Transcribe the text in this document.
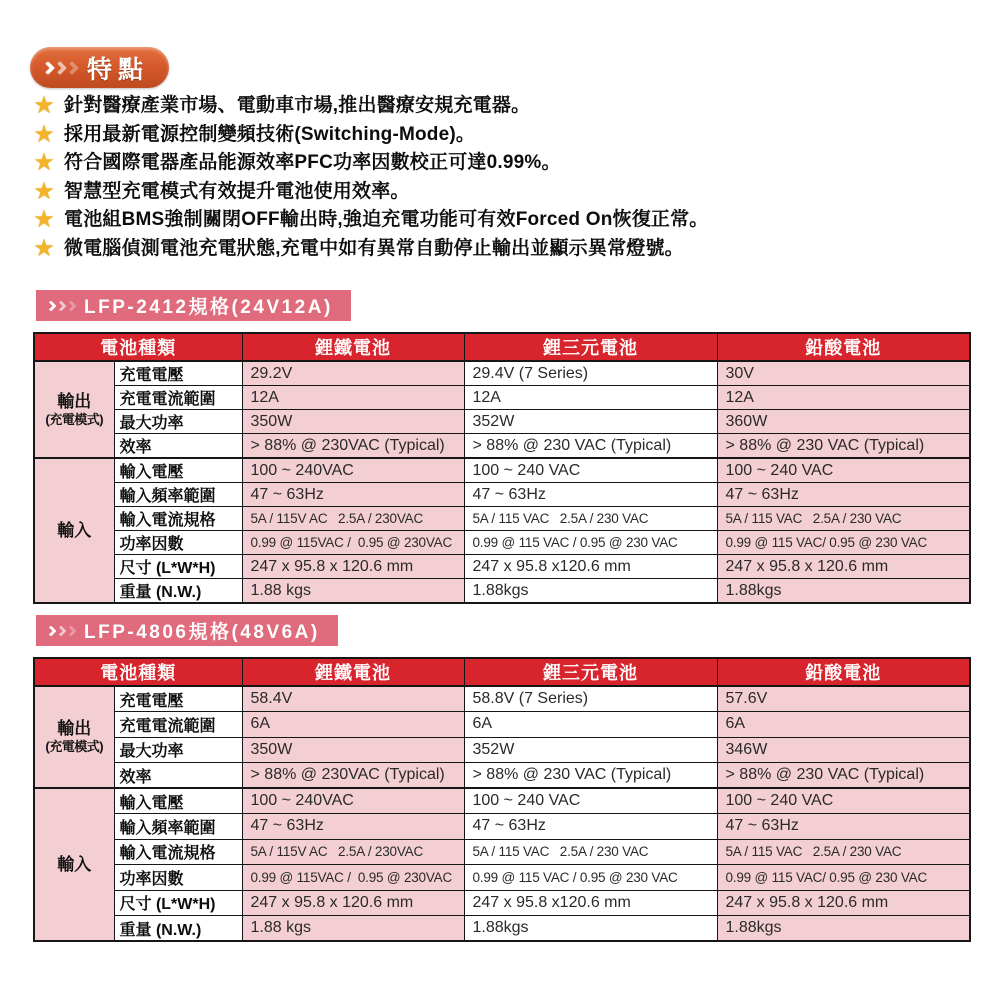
特點
★ 針對醫療產業市場、電動車市場,推出醫療安規充電器。
★ 採用最新電源控制變頻技術(Switching-Mode)。
★ 符合國際電器產品能源效率PFC功率因數校正可達0.99%。
★ 智慧型充電模式有效提升電池使用效率。
★ 電池組BMS強制關閉OFF輸出時,強迫充電功能可有效Forced On恢復正常。
★ 微電腦偵測電池充電狀態,充電中如有異常自動停止輸出並顯示異常燈號。
LFP-2412規格(24V12A)
電池種類		鋰鐵電池	鋰三元電池	鉛酸電池

輸出
(充電模式)	充電電壓	29.2V	29.4V (7 Series)	30V
	充電電流範圍	12A	12A	12A
	最大功率	350W	352W	360W
	效率	> 88% @ 230VAC (Typical)	> 88% @ 230 VAC (Typical)	> 88% @ 230 VAC (Typical)

輸入	輸入電壓	100 ~ 240VAC	100 ~ 240 VAC	100 ~ 240 VAC
	輸入頻率範圍	47 ~ 63Hz	47 ~ 63Hz	47 ~ 63Hz
	輸入電流規格	5A / 115V AC   2.5A / 230VAC	5A / 115 VAC   2.5A / 230 VAC	5A / 115 VAC   2.5A / 230 VAC
	功率因數	0.99 @ 115VAC /  0.95 @ 230VAC	0.99 @ 115 VAC / 0.95 @ 230 VAC	0.99 @ 115 VAC/ 0.95 @ 230 VAC
	尺寸 (L*W*H)	247 x 95.8 x 120.6 mm	247 x 95.8 x120.6 mm	247 x 95.8 x 120.6 mm
	重量 (N.W.)	1.88 kgs	1.88kgs	1.88kgs
LFP-4806規格(48V6A)
電池種類		鋰鐵電池	鋰三元電池	鉛酸電池

輸出
(充電模式)	充電電壓	58.4V	58.8V (7 Series)	57.6V
	充電電流範圍	6A	6A	6A
	最大功率	350W	352W	346W
	效率	> 88% @ 230VAC (Typical)	> 88% @ 230 VAC (Typical)	> 88% @ 230 VAC (Typical)

輸入	輸入電壓	100 ~ 240VAC	100 ~ 240 VAC	100 ~ 240 VAC
	輸入頻率範圍	47 ~ 63Hz	47 ~ 63Hz	47 ~ 63Hz
	輸入電流規格	5A / 115V AC   2.5A / 230VAC	5A / 115 VAC   2.5A / 230 VAC	5A / 115 VAC   2.5A / 230 VAC
	功率因數	0.99 @ 115VAC /  0.95 @ 230VAC	0.99 @ 115 VAC / 0.95 @ 230 VAC	0.99 @ 115 VAC/ 0.95 @ 230 VAC
	尺寸 (L*W*H)	247 x 95.8 x 120.6 mm	247 x 95.8 x120.6 mm	247 x 95.8 x 120.6 mm
	重量 (N.W.)	1.88 kgs	1.88kgs	1.88kgs
